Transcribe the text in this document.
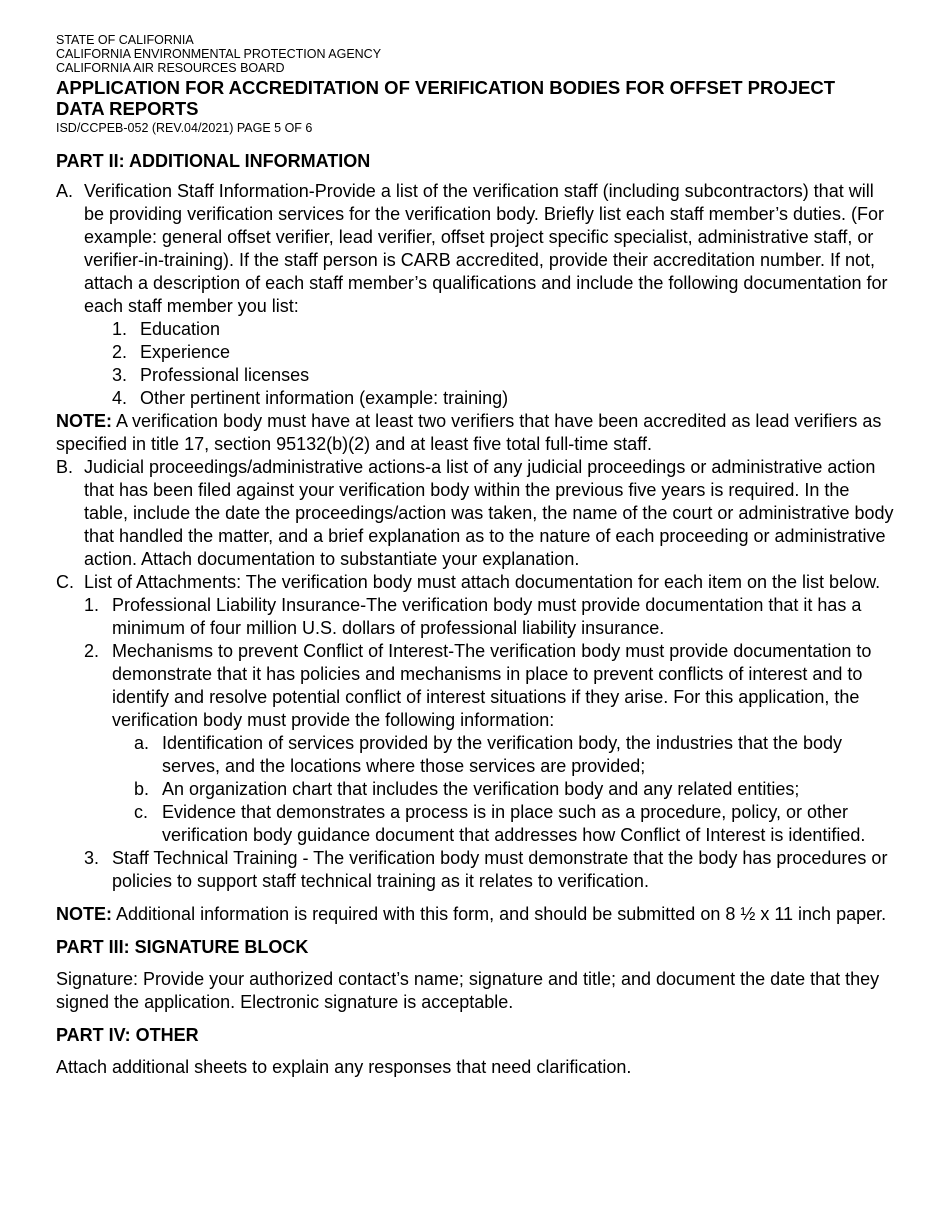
STATE OF CALIFORNIA

CALIFORNIA ENVIRONMENTAL PROTECTION AGENCY

CALIFORNIA AIR RESOURCES BOARD

APPLICATION FOR ACCREDITATION OF VERIFICATION BODIES FOR OFFSET PROJECT DATA REPORTS

ISD/CCPEB-052 (REV.04/2021) PAGE 5 OF 6

PART II: ADDITIONAL INFORMATION

A. Verification Staff Information-Provide a list of the verification staff (including subcontractors) that will be providing verification services for the verification body. Briefly list each staff member’s duties. (For example: general offset verifier, lead verifier, offset project specific specialist, administrative staff, or verifier-in-training). If the staff person is CARB accredited, provide their accreditation number. If not, attach a description of each staff member’s qualifications and include the following documentation for each staff member you list:
1. Education
2. Experience
3. Professional licenses
4. Other pertinent information (example: training)

NOTE: A verification body must have at least two verifiers that have been accredited as lead verifiers as specified in title 17, section 95132(b)(2) and at least five total full-time staff.

B. Judicial proceedings/administrative actions-a list of any judicial proceedings or administrative action that has been filed against your verification body within the previous five years is required. In the table, include the date the proceedings/action was taken, the name of the court or administrative body that handled the matter, and a brief explanation as to the nature of each proceeding or administrative action. Attach documentation to substantiate your explanation.
C. List of Attachments: The verification body must attach documentation for each item on the list below.
1. Professional Liability Insurance-The verification body must provide documentation that it has a minimum of four million U.S. dollars of professional liability insurance.
2. Mechanisms to prevent Conflict of Interest-The verification body must provide documentation to demonstrate that it has policies and mechanisms in place to prevent conflicts of interest and to identify and resolve potential conflict of interest situations if they arise. For this application, the verification body must provide the following information:
a. Identification of services provided by the verification body, the industries that the body serves, and the locations where those services are provided;
b. An organization chart that includes the verification body and any related entities;
c. Evidence that demonstrates a process is in place such as a procedure, policy, or other verification body guidance document that addresses how Conflict of Interest is identified.
3. Staff Technical Training - The verification body must demonstrate that the body has procedures or policies to support staff technical training as it relates to verification.

NOTE: Additional information is required with this form, and should be submitted on 8 ½ x 11 inch paper.

PART III: SIGNATURE BLOCK

Signature: Provide your authorized contact’s name; signature and title; and document the date that they signed the application. Electronic signature is acceptable.

PART IV: OTHER

Attach additional sheets to explain any responses that need clarification.
